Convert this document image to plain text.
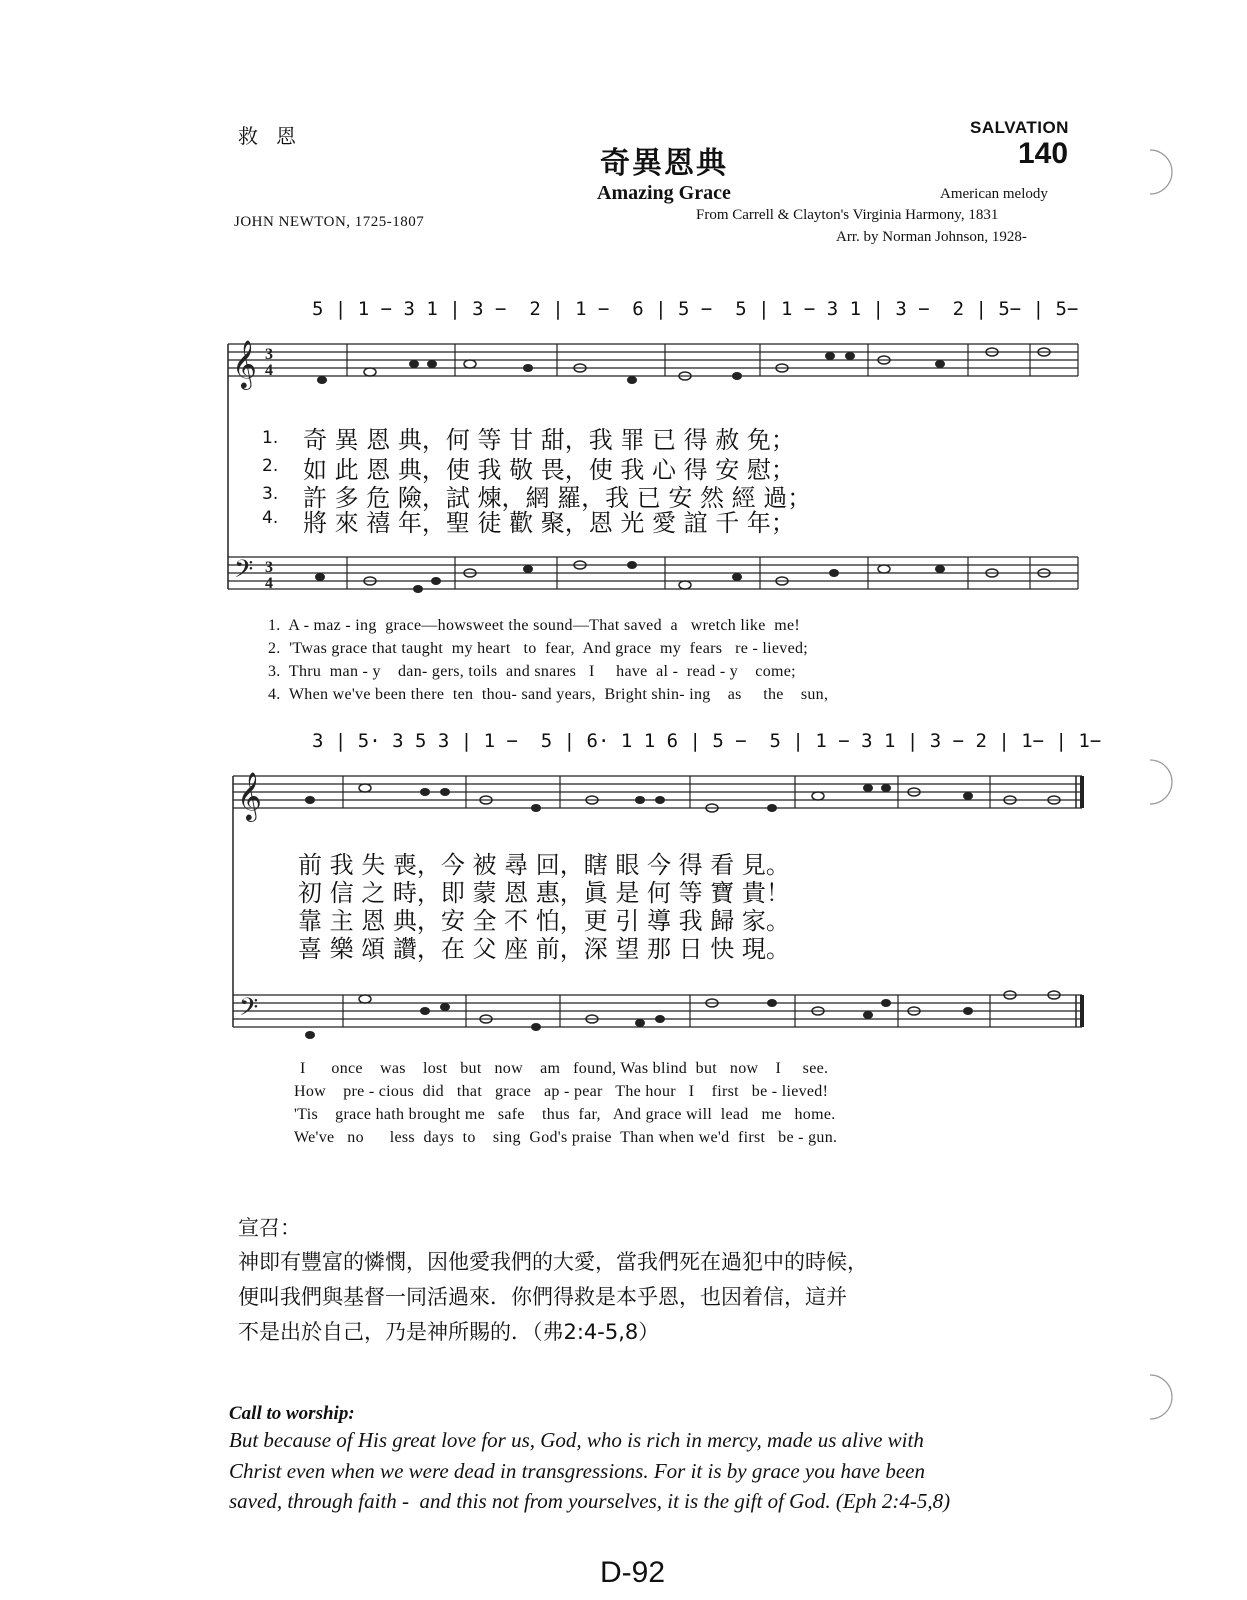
救恩	SALVATION
140
奇異恩典
Amazing Grace
JOHN NEWTON, 1725-1807
American melody
From Carrell & Clayton's Virginia Harmony, 1831
Arr. by Norman Johnson, 1928-
5 | 1 − 3 1 | 3 −  2 | 1 −  6 | 5 −  5 | 1 − 3 1 | 3 −  2 | 5− | 5−
3 | 5· 3 5 3 | 1 −  5 | 6· 1 1 6 | 5 −  5 | 1 − 3 1 | 3 − 2 | 1− | 1−
𝄞
𝄢
3
4
3
4
𝄞
𝄢
1.
2.
3.
4.
奇 異 恩 典，何 等 甘 甜，我 罪 已 得 赦 免；
如 此 恩 典，使 我 敬 畏，使 我 心 得 安 慰；
許 多 危 險，試 煉，網 羅，我 已 安 然 經 過；
將 來 禧 年，聖 徒 歡 聚，恩 光 愛 誼 千 年；
1.  A - maz - ing  grace—howsweet the sound—That saved  a   wretch like  me!
2.  'Twas grace that taught  my heart   to  fear,  And grace  my  fears   re - lieved;
3.  Thru  man - y    dan- gers, toils  and snares   I     have  al -  read - y    come;
4.  When we've been there  ten  thou- sand years,  Bright shin- ing    as     the    sun,
前 我 失 喪，今 被 尋 回，瞎 眼 今 得 看 見。
初 信 之 時，即 蒙 恩 惠，眞 是 何 等 寶 貴！
靠 主 恩 典，安 全 不 怕，更 引 導 我 歸 家。
喜 樂 頌 讚，在 父 座 前，深 望 那 日 快 現。
I      once    was    lost   but   now    am   found, Was blind  but   now    I     see.
How    pre - cious  did   that   grace   ap - pear   The hour   I    first   be - lieved!
'Tis    grace hath brought me   safe    thus  far,   And grace will  lead   me   home.
We've   no      less  days  to    sing  God's praise  Than when we'd  first   be - gun.
宣召：
神即有豐富的憐憫，因他愛我們的大愛，當我們死在過犯中的時候，
便叫我們與基督一同活過來．你們得救是本乎恩，也因着信，這并
不是出於自己，乃是神所賜的．（弗2:4-5,8）
Call to worship:
But because of His great love for us, God, who is rich in mercy, made us alive with
Christ even when we were dead in transgressions. For it is by grace you have been
saved, through faith -  and this not from yourselves, it is the gift of God. (Eph 2:4-5,8)
D-92
